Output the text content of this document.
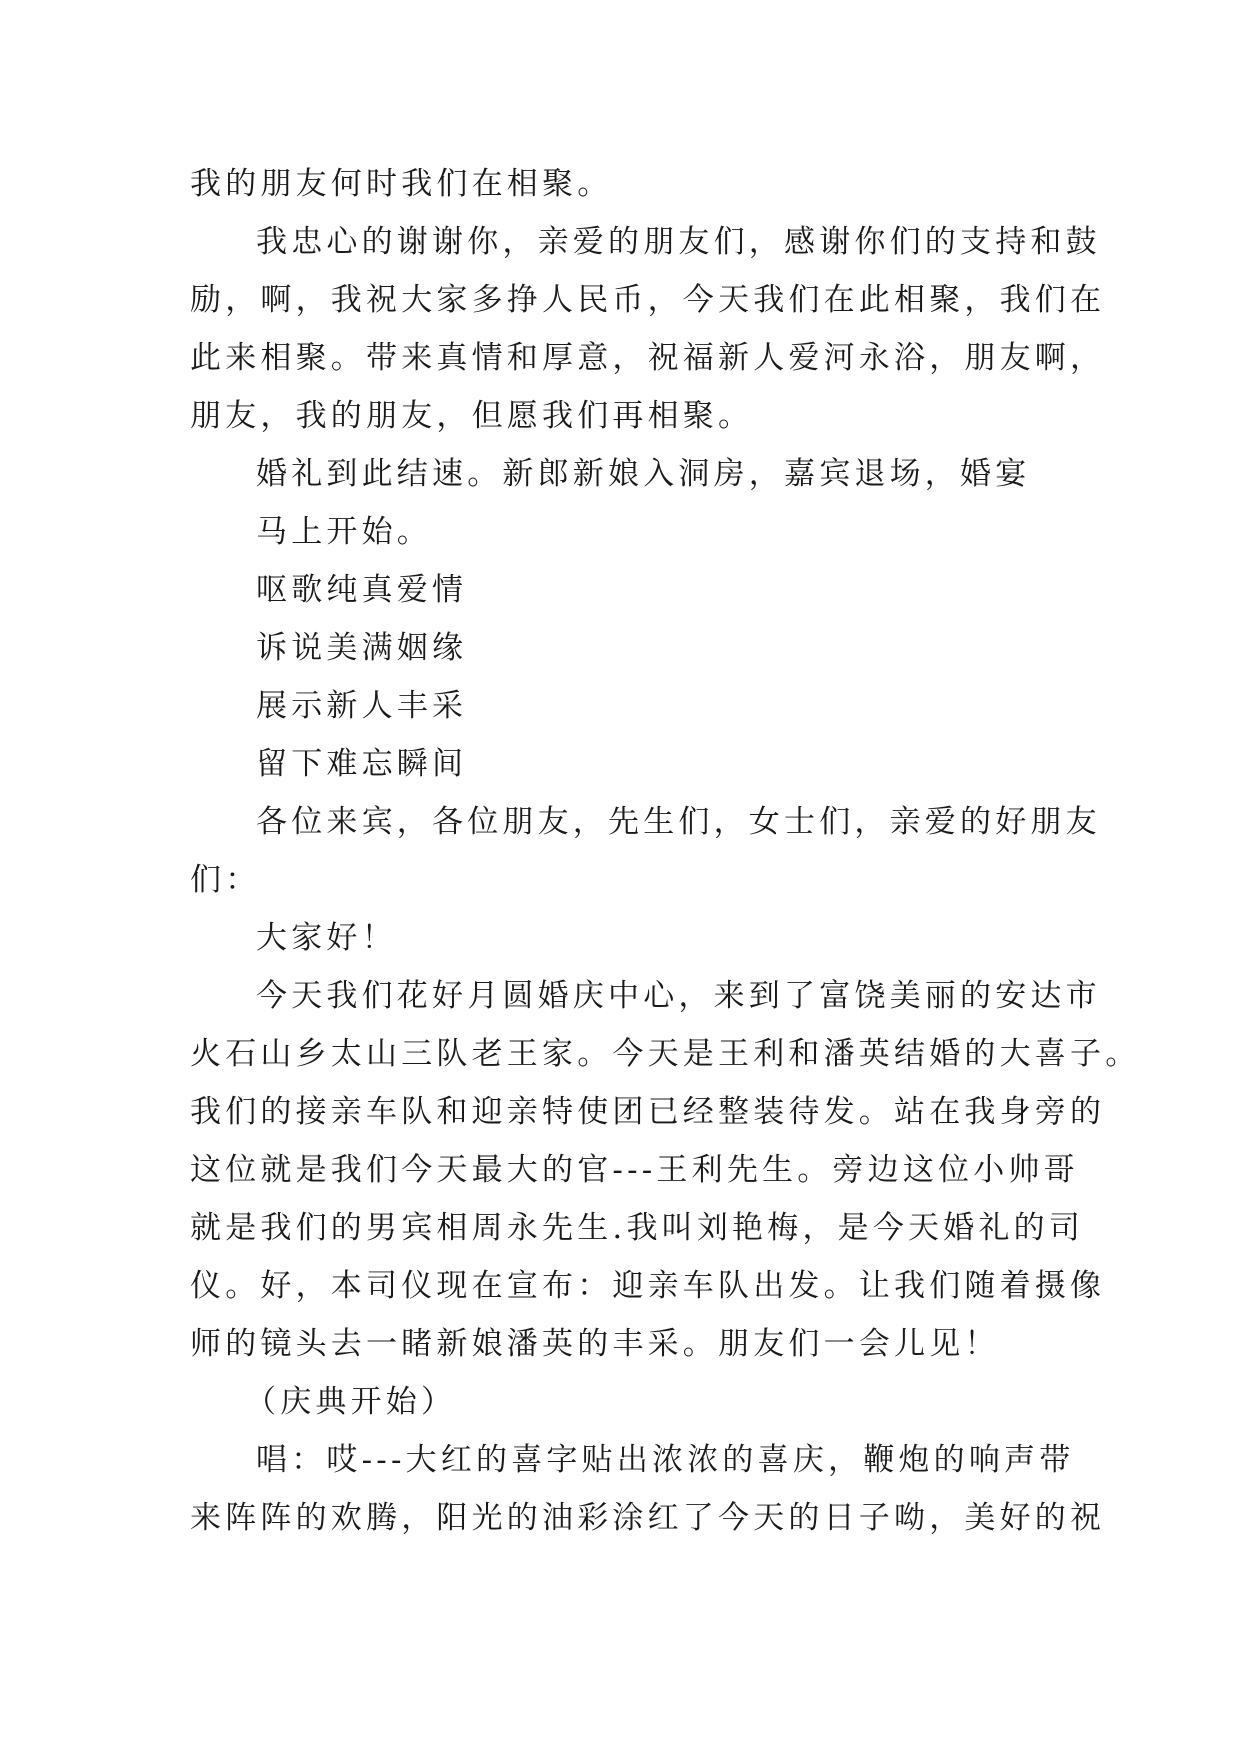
我的朋友何时我们在相聚。

我忠心的谢谢你，亲爱的朋友们，感谢你们的支持和鼓

励，啊，我祝大家多挣人民币，今天我们在此相聚，我们在

此来相聚。带来真情和厚意，祝福新人爱河永浴，朋友啊，

朋友，我的朋友，但愿我们再相聚。

婚礼到此结速。新郎新娘入洞房，嘉宾退场，婚宴

马上开始。

呕歌纯真爱情

诉说美满姻缘

展示新人丰采

留下难忘瞬间

各位来宾，各位朋友，先生们，女士们，亲爱的好朋友

们：

大家好！

今天我们花好月圆婚庆中心，来到了富饶美丽的安达市

火石山乡太山三队老王家。今天是王利和潘英结婚的大喜子。

我们的接亲车队和迎亲特使团已经整装待发。站在我身旁的

这位就是我们今天最大的官---王利先生。旁边这位小帅哥

就是我们的男宾相周永先生.我叫刘艳梅，是今天婚礼的司

仪。好，本司仪现在宣布：迎亲车队出发。让我们随着摄像

师的镜头去一睹新娘潘英的丰采。朋友们一会儿见！

（庆典开始）

唱：哎---大红的喜字贴出浓浓的喜庆，鞭炮的响声带

来阵阵的欢腾，阳光的油彩涂红了今天的日子呦，美好的祝
